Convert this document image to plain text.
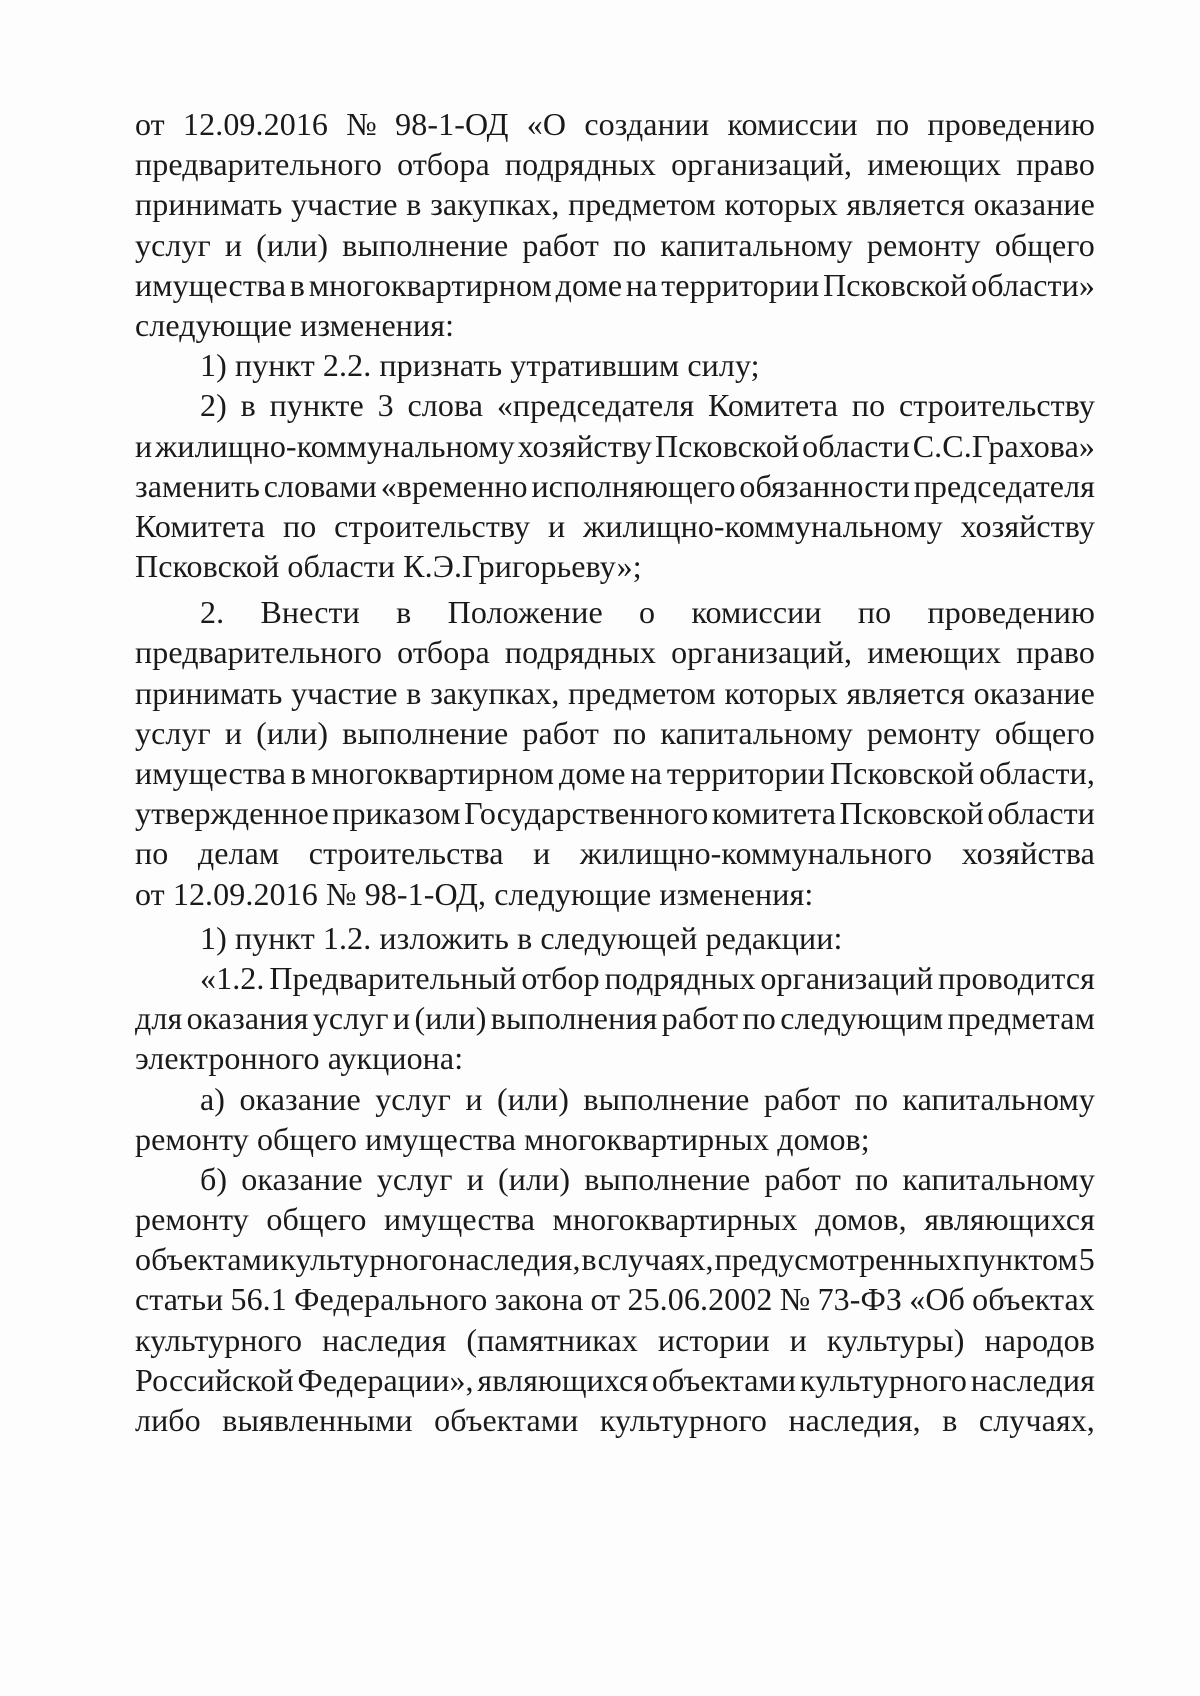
от 12.09.2016 № 98-1-ОД «О создании комиссии по проведению
предварительного отбора подрядных организаций, имеющих право
принимать участие в закупках, предметом которых является оказание
услуг и (или) выполнение работ по капитальному ремонту общего
имущества в многоквартирном доме на территории Псковской области»
следующие изменения:
1) пункт 2.2. признать утратившим силу;
2) в пункте 3 слова «председателя Комитета по строительству
и жилищно-коммунальному хозяйству Псковской области С.С.Грахова»
заменить словами «временно исполняющего обязанности председателя
Комитета по строительству и жилищно-коммунальному хозяйству
Псковской области К.Э.Григорьеву»;
2. Внести в Положение о комиссии по проведению
предварительного отбора подрядных организаций, имеющих право
принимать участие в закупках, предметом которых является оказание
услуг и (или) выполнение работ по капитальному ремонту общего
имущества в многоквартирном доме на территории Псковской области,
утвержденное приказом Государственного комитета Псковской области
по делам строительства и жилищно-коммунального хозяйства
от 12.09.2016 № 98-1-ОД, следующие изменения:
1) пункт 1.2. изложить в следующей редакции:
«1.2. Предварительный отбор подрядных организаций проводится
для оказания услуг и (или) выполнения работ по следующим предметам
электронного аукциона:
а) оказание услуг и (или) выполнение работ по капитальному
ремонту общего имущества многоквартирных домов;
б) оказание услуг и (или) выполнение работ по капитальному
ремонту общего имущества многоквартирных домов, являющихся
объектами культурного наследия, в случаях, предусмотренных пунктом 5
статьи 56.1 Федерального закона от 25.06.2002 № 73-ФЗ «Об объектах
культурного наследия (памятниках истории и культуры) народов
Российской Федерации», являющихся объектами культурного наследия
либо выявленными объектами культурного наследия, в случаях,
